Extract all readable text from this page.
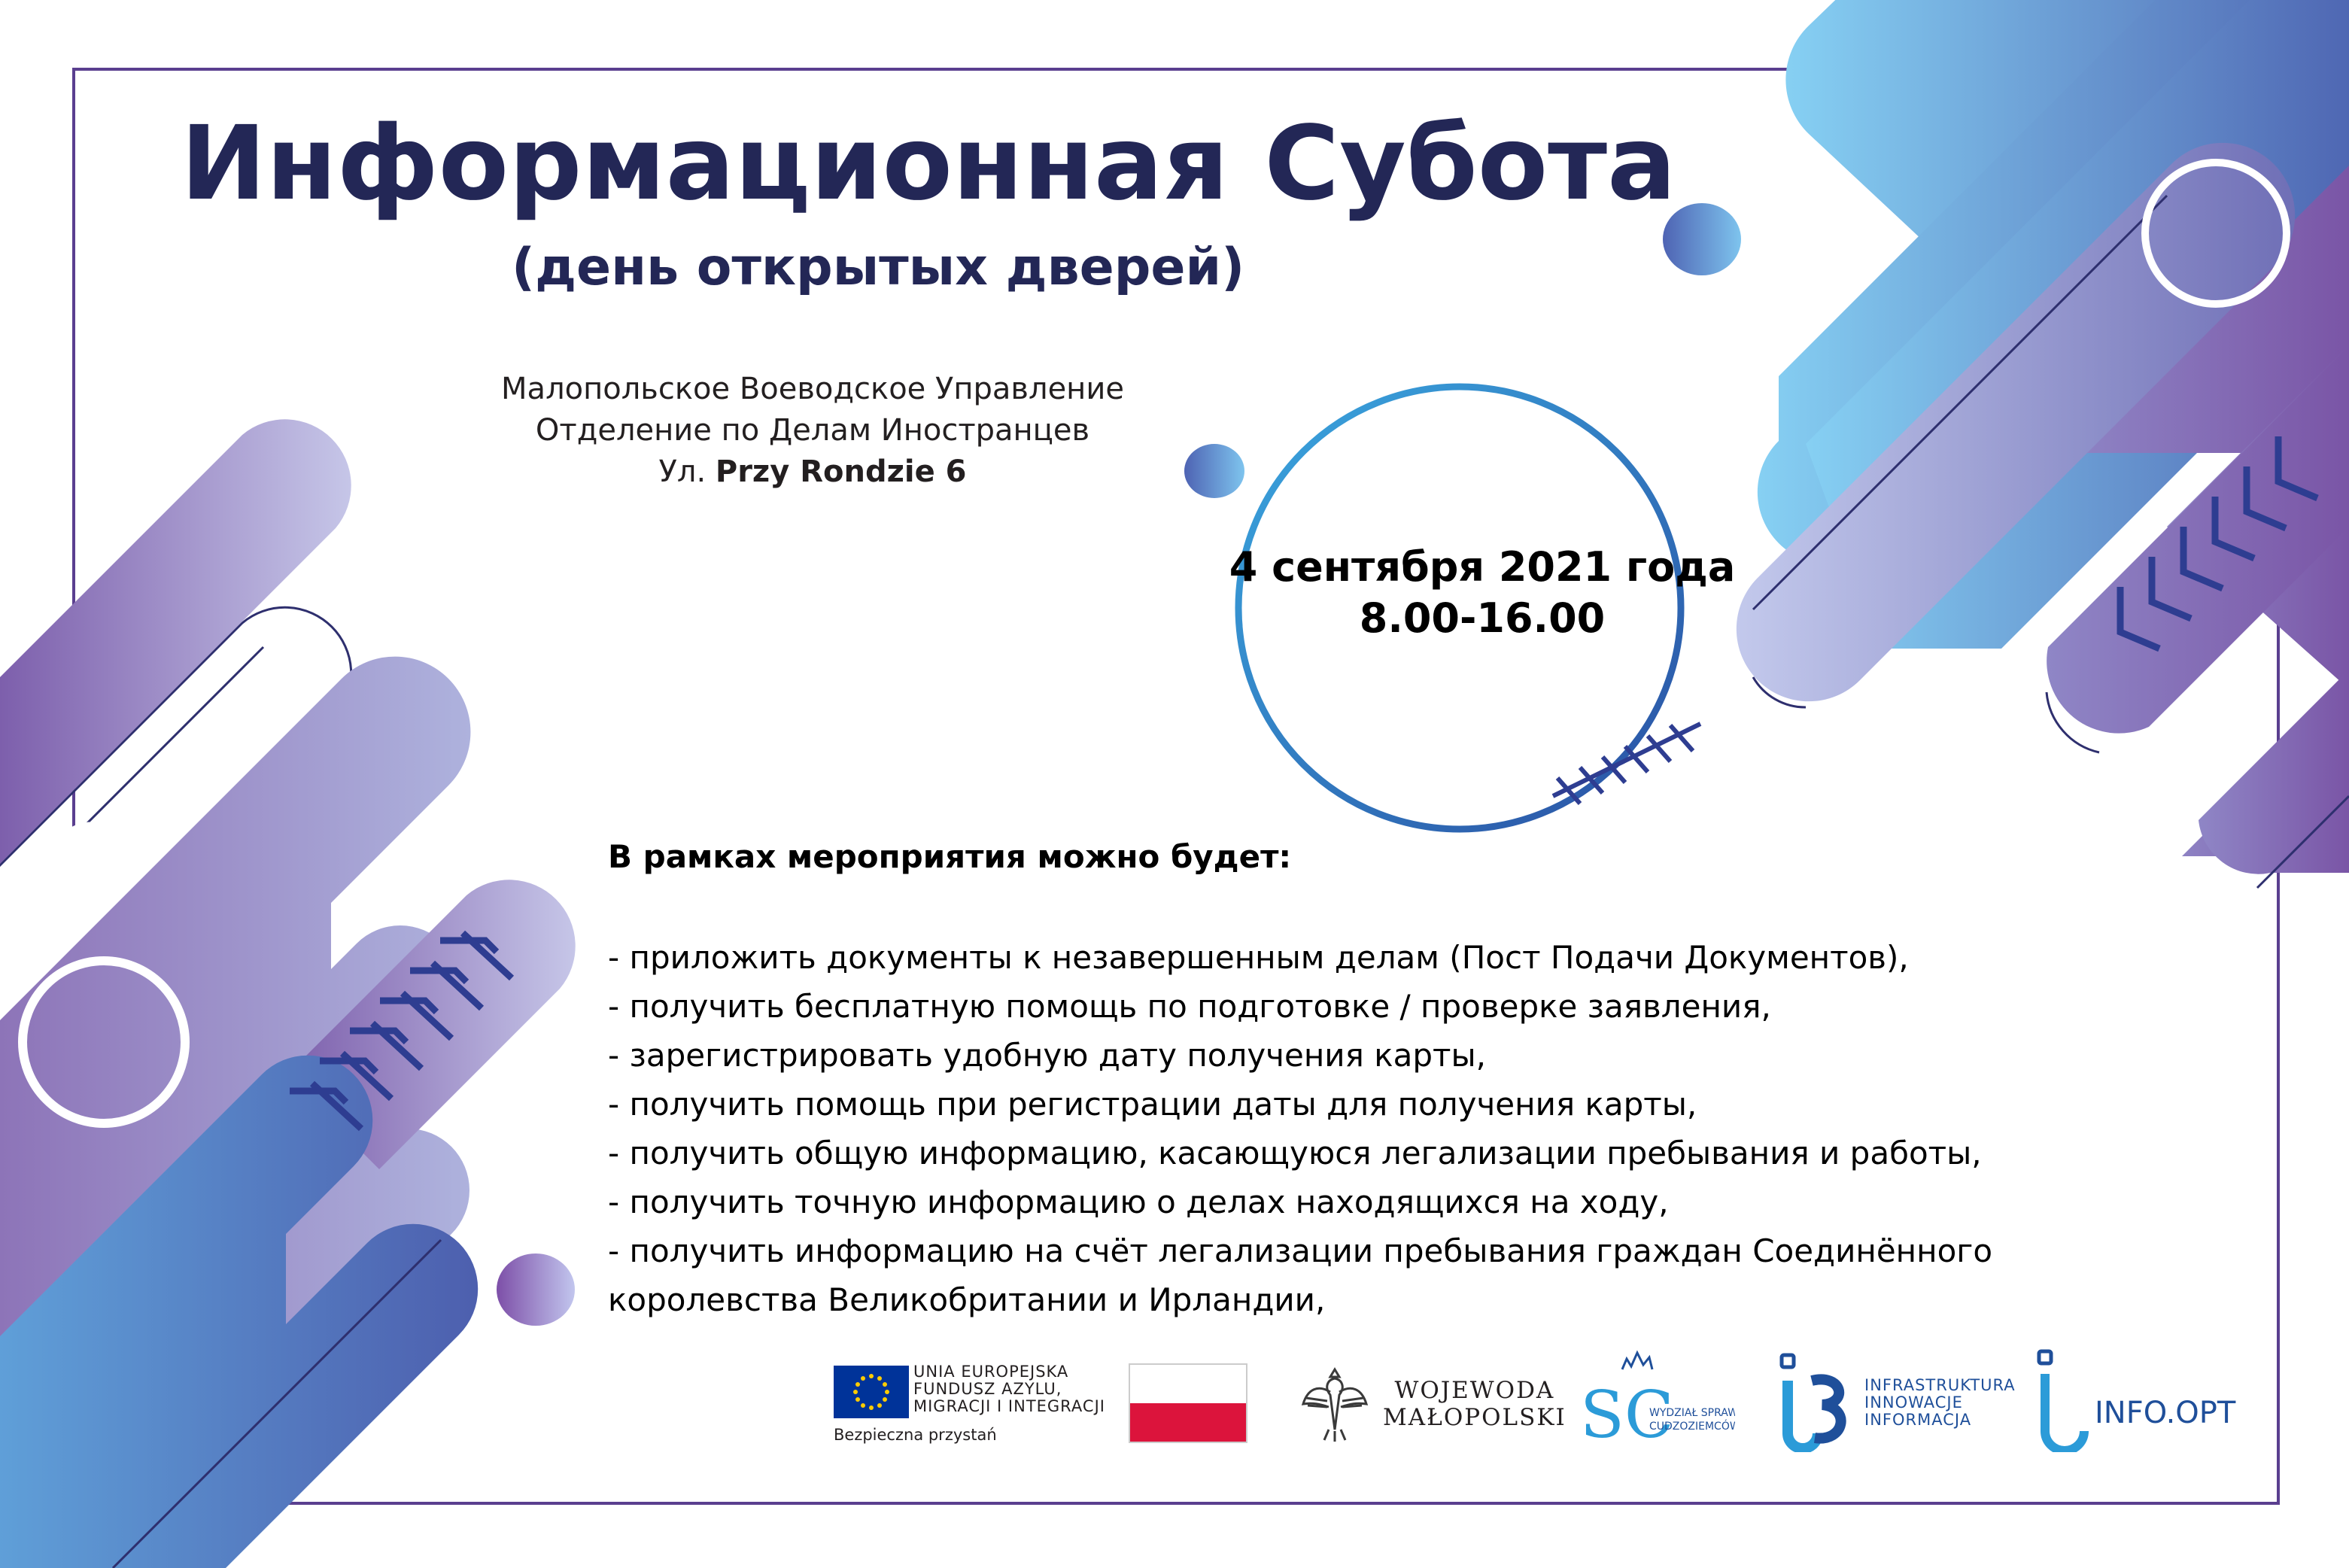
Информационная Субота
(день открытых дверей)
Малопольское Воеводское Управление
Отделение по Делам Иностранцев
Ул. Przy Rondzie 6
4 сентября 2021 года
8.00-16.00
В рамках мероприятия можно будет:
- приложить документы к незавершенным делам (Пост Подачи Документов),
- получить бесплатную помощь по подготовке / проверке заявления,
- зарегистрировать удобную дату получения карты,
- получить помощь при регистрации даты для получения карты,
- получить общую информацию, касающуюся легализации пребывания и работы,
- получить точную информацию о делах находящихся на ходу,
- получить информацию на счёт легализации пребывания граждан Соединённого
королевства Великобритании и Ирландии,
UNIA EUROPEJSKA
FUNDUSZ AZYLU,
MIGRACJI I INTEGRACJI
Bezpieczna przystań
WOJEWODA
MAŁOPOLSKI SC
WYDZIAŁ SPRAW
CUDZOZIEMCÓW
INFRASTRUKTURA
INNOWACJE
INFORMACJA	INFO.OPT
